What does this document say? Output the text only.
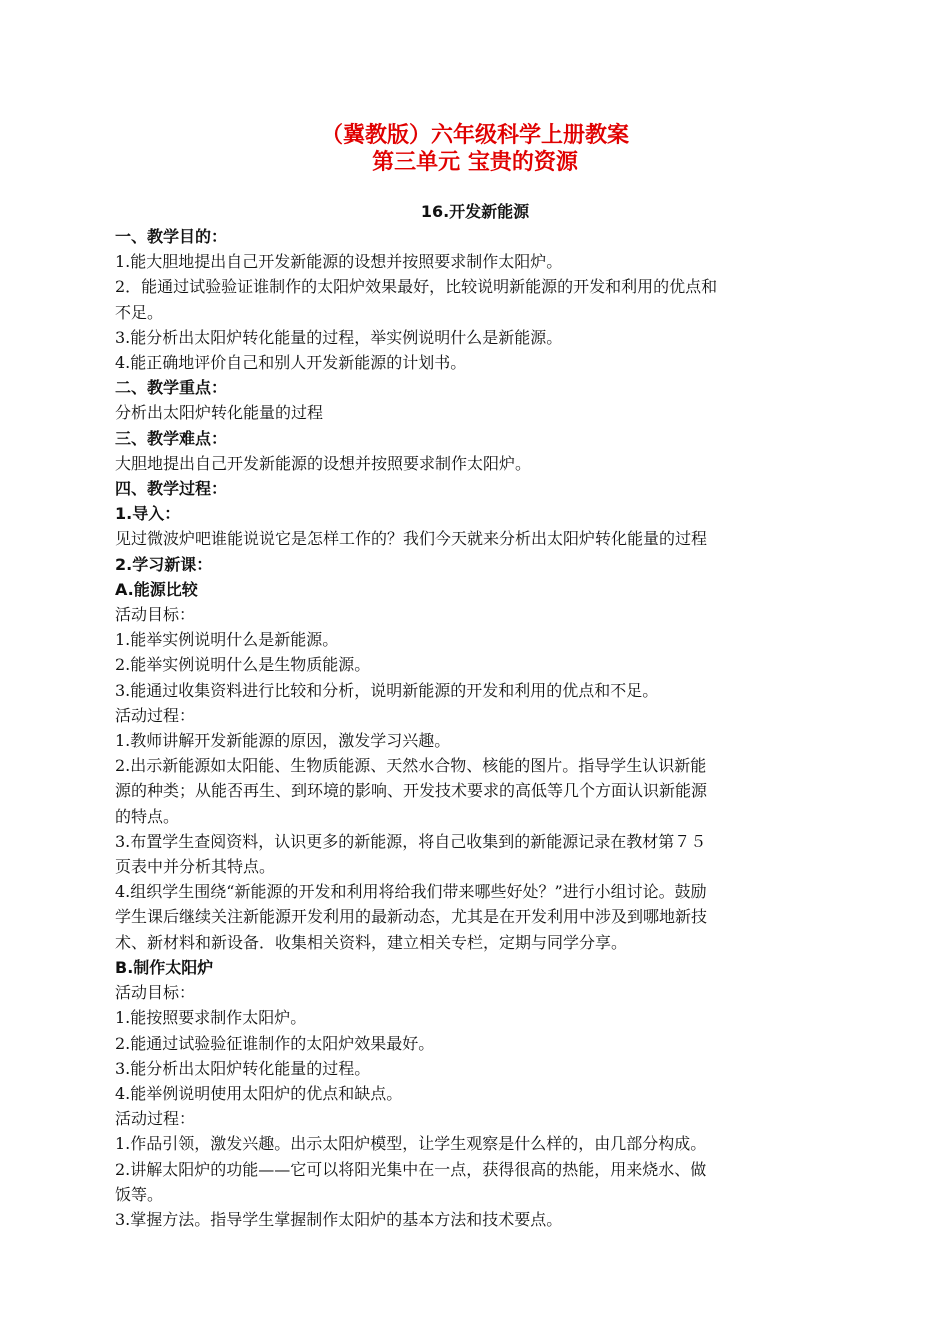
（冀教版）六年级科学上册教案
第三单元 宝贵的资源
16.开发新能源
一、教学目的：
1.能大胆地提出自己开发新能源的设想并按照要求制作太阳炉。
2．能通过试验验证谁制作的太阳炉效果最好，比较说明新能源的开发和利用的优点和
不足。
3.能分析出太阳炉转化能量的过程，举实例说明什么是新能源。
4.能正确地评价自己和别人开发新能源的计划书。
二、教学重点：
分析出太阳炉转化能量的过程
三、教学难点：
大胆地提出自己开发新能源的设想并按照要求制作太阳炉。
四、教学过程：
1.导入：
见过微波炉吧谁能说说它是怎样工作的？我们今天就来分析出太阳炉转化能量的过程
2.学习新课：
A.能源比较
活动目标：
1.能举实例说明什么是新能源。
2.能举实例说明什么是生物质能源。
3.能通过收集资料进行比较和分析，说明新能源的开发和利用的优点和不足。
活动过程：
1.教师讲解开发新能源的原因，激发学习兴趣。
2.出示新能源如太阳能、生物质能源、天然水合物、核能的图片。指导学生认识新能
源的种类；从能否再生、到环境的影响、开发技术要求的高低等几个方面认识新能源
的特点。
3.布置学生查阅资料，认识更多的新能源，将自己收集到的新能源记录在教材第７５
页表中并分析其特点。
4.组织学生围绕“新能源的开发和利用将给我们带来哪些好处？”进行小组讨论。鼓励
学生课后继续关注新能源开发利用的最新动态，尤其是在开发利用中涉及到哪地新技
术、新材料和新设备．收集相关资料，建立相关专栏，定期与同学分享。
B.制作太阳炉
活动目标：
1.能按照要求制作太阳炉。
2.能通过试验验征谁制作的太阳炉效果最好。
3.能分析出太阳炉转化能量的过程。
4.能举例说明使用太阳炉的优点和缺点。
活动过程：
1.作品引领，激发兴趣。出示太阳炉模型，让学生观察是什么样的，由几部分构成。
2.讲解太阳炉的功能——它可以将阳光集中在一点，获得很高的热能，用来烧水、做
饭等。
3.掌握方法。指导学生掌握制作太阳炉的基本方法和技术要点。
